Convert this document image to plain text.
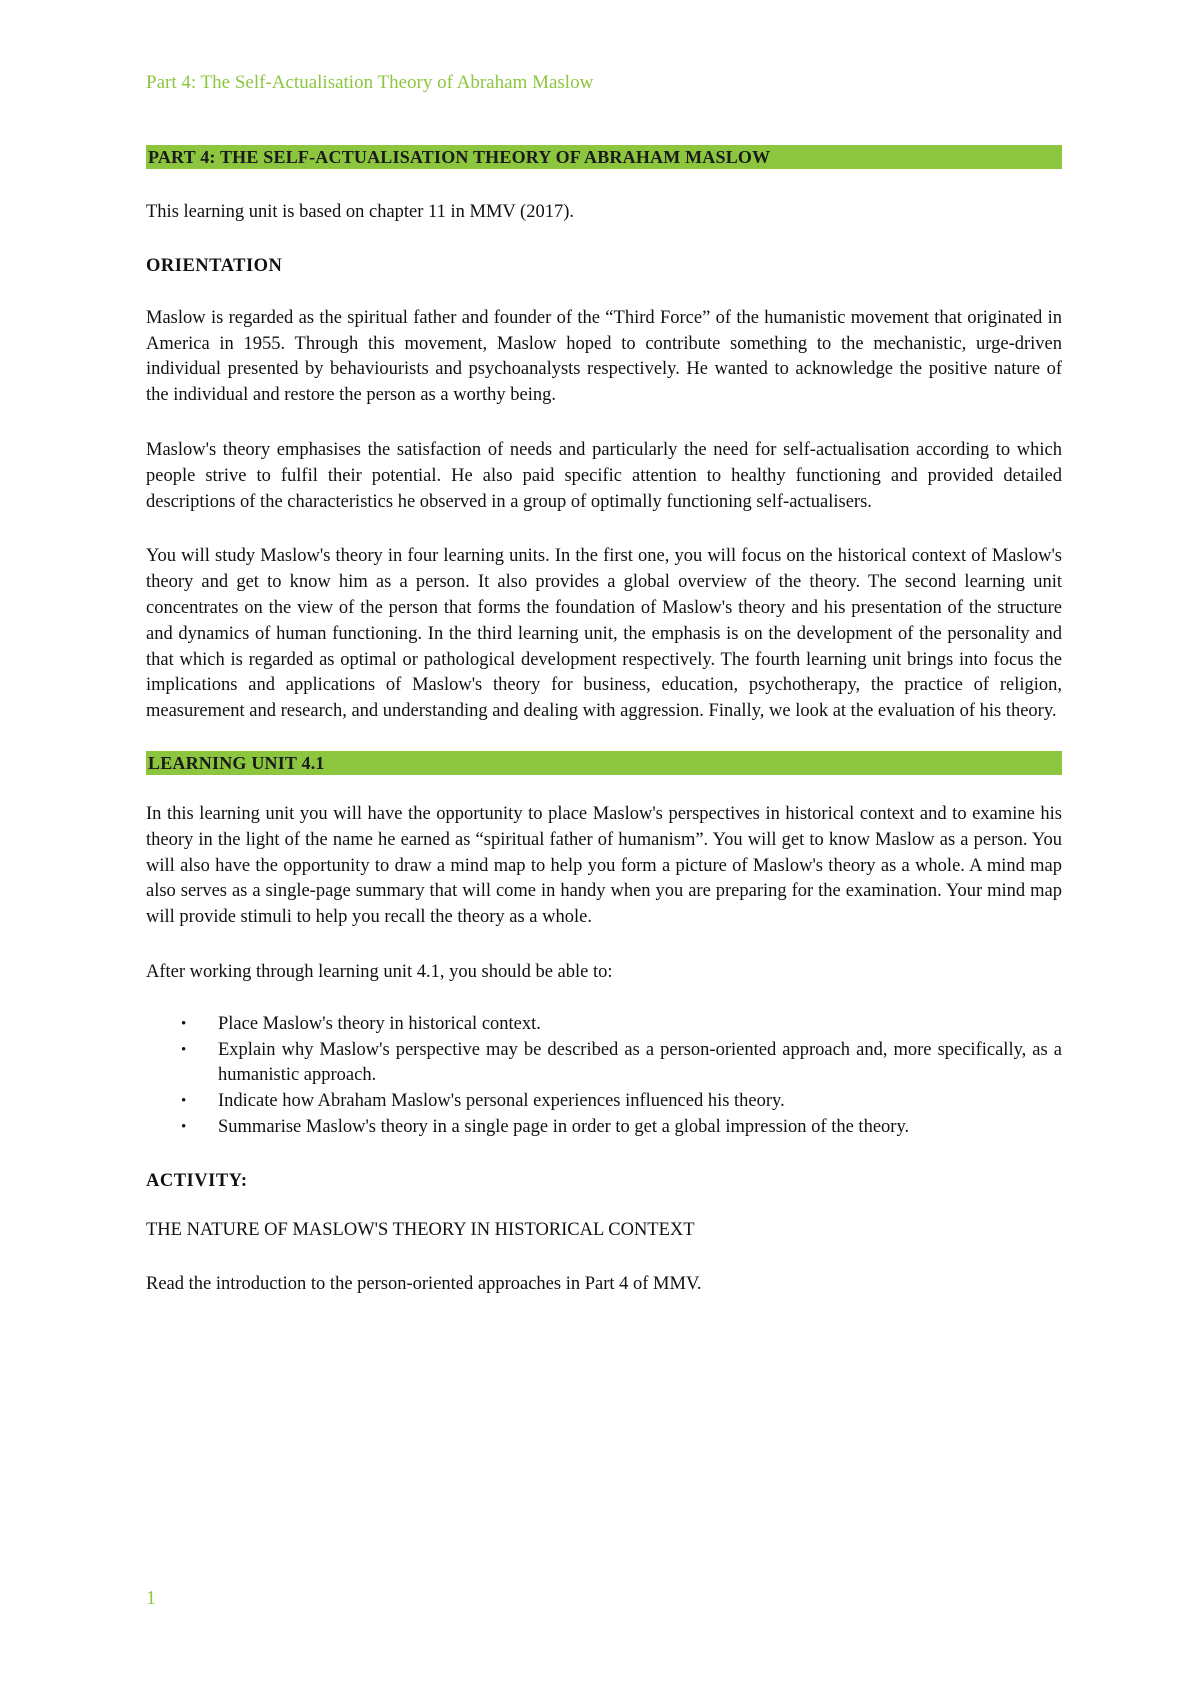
Part 4: The Self-Actualisation Theory of Abraham Maslow
PART 4: THE SELF-ACTUALISATION THEORY OF ABRAHAM MASLOW

This learning unit is based on chapter 11 in MMV (2017).

ORIENTATION

Maslow is regarded as the spiritual father and founder of the “Third Force” of the humanistic movement that originated in America in 1955. Through this movement, Maslow hoped to contribute something to the mechanistic, urge-driven individual presented by behaviourists and psychoanalysts respectively. He wanted to acknowledge the positive nature of the individual and restore the person as a worthy being.

Maslow's theory emphasises the satisfaction of needs and particularly the need for self-actualisation according to which people strive to fulfil their potential. He also paid specific attention to healthy functioning and provided detailed descriptions of the characteristics he observed in a group of optimally functioning self-actualisers.

You will study Maslow's theory in four learning units. In the first one, you will focus on the historical context of Maslow's theory and get to know him as a person. It also provides a global overview of the theory. The second learning unit concentrates on the view of the person that forms the foundation of Maslow's theory and his presentation of the structure and dynamics of human functioning. In the third learning unit, the emphasis is on the development of the personality and that which is regarded as optimal or pathological development respectively. The fourth learning unit brings into focus the implications and applications of Maslow's theory for business, education, psychotherapy, the practice of religion, measurement and research, and understanding and dealing with aggression. Finally, we look at the evaluation of his theory.

LEARNING UNIT 4.1

In this learning unit you will have the opportunity to place Maslow's perspectives in historical context and to examine his theory in the light of the name he earned as “spiritual father of humanism”. You will get to know Maslow as a person. You will also have the opportunity to draw a mind map to help you form a picture of Maslow's theory as a whole. A mind map also serves as a single-page summary that will come in handy when you are preparing for the examination. Your mind map will provide stimuli to help you recall the theory as a whole.

After working through learning unit 4.1, you should be able to:

• Place Maslow's theory in historical context.
• Explain why Maslow's perspective may be described as a person-oriented approach and, more specifically, as a humanistic approach.
• Indicate how Abraham Maslow's personal experiences influenced his theory.
• Summarise Maslow's theory in a single page in order to get a global impression of the theory.
ACTIVITY:
THE NATURE OF MASLOW'S THEORY IN HISTORICAL CONTEXT

Read the introduction to the person-oriented approaches in Part 4 of MMV.

1
